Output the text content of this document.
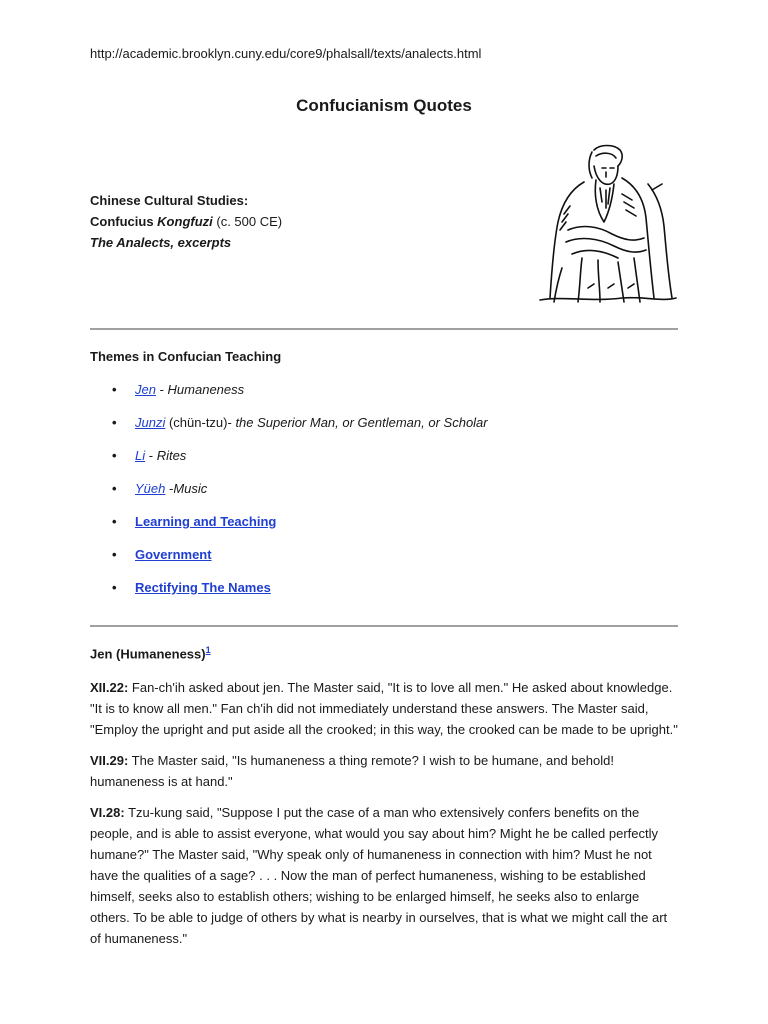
http://academic.brooklyn.cuny.edu/core9/phalsall/texts/analects.html
Confucianism Quotes
Chinese Cultural Studies:
Confucius Kongfuzi (c. 500 CE)
The Analects, excerpts
Themes in Confucian Teaching
• Jen - Humaneness
• Junzi (chün-tzu)- the Superior Man, or Gentleman, or Scholar
• Li - Rites
• Yüeh -Music
• Learning and Teaching
• Government
• Rectifying The Names
Jen (Humaneness)$^1$
XII.22: Fan-ch'ih asked about jen. The Master said, "It is to love all men." He asked about knowledge. "It is to know all men." Fan ch'ih did not immediately understand these answers. The Master said, "Employ the upright and put aside all the crooked; in this way, the crooked can be made to be upright."
VII.29: The Master said, "Is humaneness a thing remote? I wish to be humane, and behold! humaneness is at hand."
VI.28: Tzu-kung said, "Suppose I put the case of a man who extensively confers benefits on the people, and is able to assist everyone, what would you say about him? Might he be called perfectly humane?" The Master said, "Why speak only of humaneness in connection with him? Must he not have the qualities of a sage? . . . Now the man of perfect humaneness, wishing to be established himself, seeks also to establish others; wishing to be enlarged himself, he seeks also to enlarge others. To be able to judge of others by what is nearby in ourselves, that is what we might call the art of humaneness."
